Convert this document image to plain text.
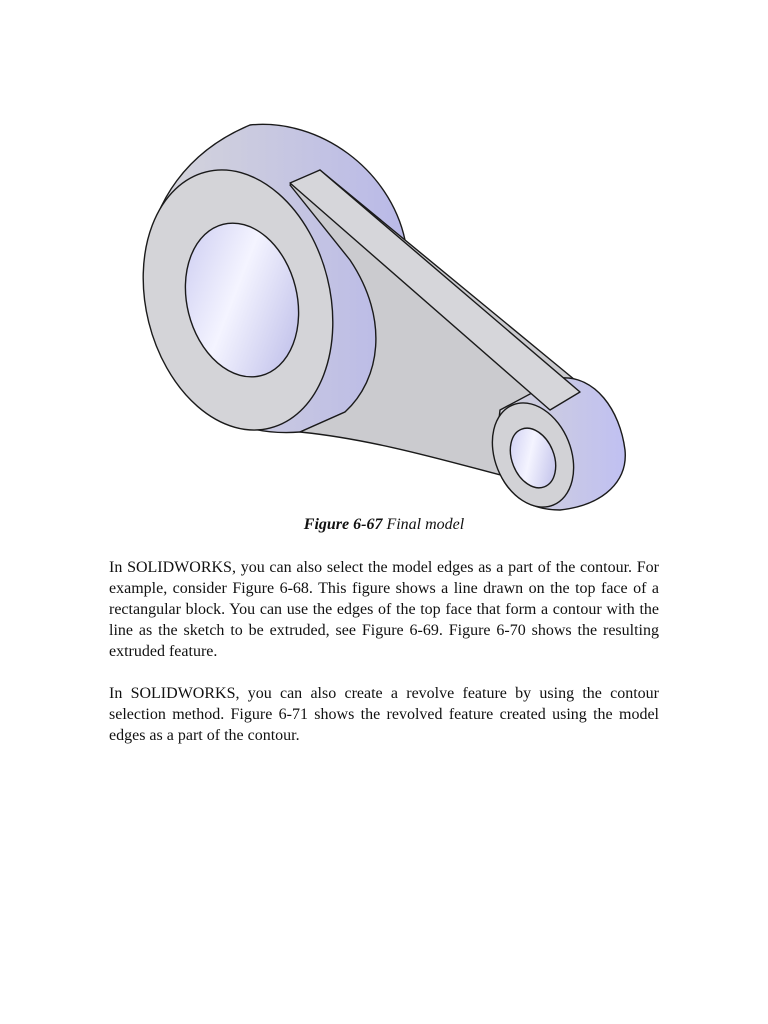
Figure 6-67 Final model

In SOLIDWORKS, you can also select the model edges as a part of the contour. For example, consider Figure 6-68. This figure shows a line drawn on the top face of a rectangular block. You can use the edges of the top face that form a contour with the line as the sketch to be extruded, see Figure 6-69. Figure 6-70 shows the resulting extruded feature.

In SOLIDWORKS, you can also create a revolve feature by using the contour selection method. Figure 6-71 shows the revolved feature created using the model edges as a part of the contour.
